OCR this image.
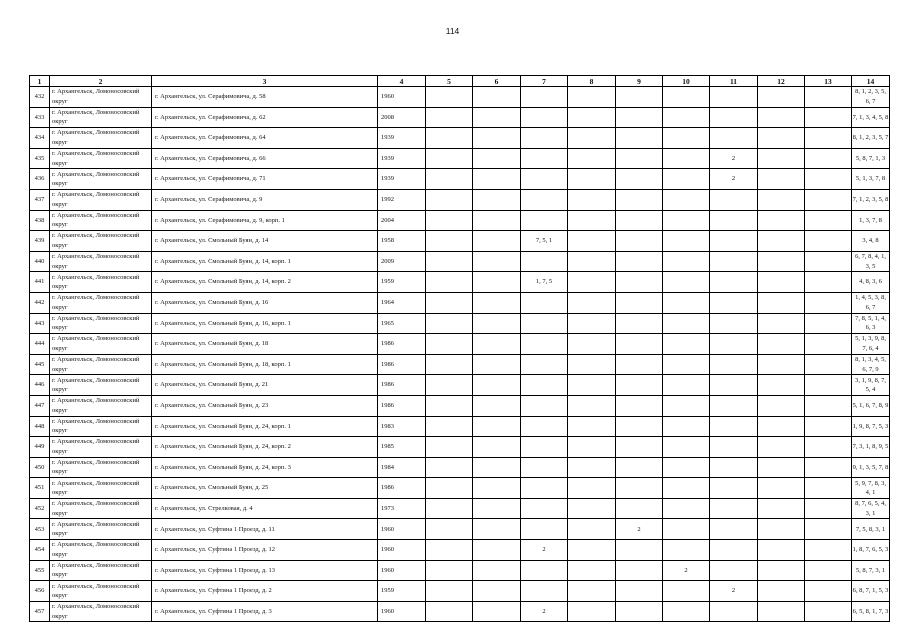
114
1	2	3	4	5	6	7	8	9	10	11	12	13	14
432	г. Архангельск, Ломоносовский округ	г. Архангельск, ул. Серафимовича, д. 58	1960										8, 1, 2, 3, 5, 6, 7
433	г. Архангельск, Ломоносовский округ	г. Архангельск, ул. Серафимовича, д. 62	2008										7, 1, 3, 4, 5, 8
434	г. Архангельск, Ломоносовский округ	г. Архангельск, ул. Серафимовича, д. 64	1939										8, 1, 2, 3, 5, 7
435	г. Архангельск, Ломоносовский округ	г. Архангельск, ул. Серафимовича, д. 66	1939							2			5, 8, 7, 1, 3
436	г. Архангельск, Ломоносовский округ	г. Архангельск, ул. Серафимовича, д. 71	1939							2			5, 1, 3, 7, 8
437	г. Архангельск, Ломоносовский округ	г. Архангельск, ул. Серафимовича, д. 9	1992										7, 1, 2, 3, 5, 8
438	г. Архангельск, Ломоносовский округ	г. Архангельск, ул. Серафимовича, д. 9, корп. 1	2004										1, 3, 7, 8
439	г. Архангельск, Ломоносовский округ	г. Архангельск, ул. Смольный Буян, д. 14	1958			7, 5, 1							3, 4, 8
440	г. Архангельск, Ломоносовский округ	г. Архангельск, ул. Смольный Буян, д. 14, корп. 1	2009										6, 7, 8, 4, 1, 3, 5
441	г. Архангельск, Ломоносовский округ	г. Архангельск, ул. Смольный Буян, д. 14, корп. 2	1959			1, 7, 5							4, 8, 3, 6
442	г. Архангельск, Ломоносовский округ	г. Архангельск, ул. Смольный Буян, д. 16	1964										1, 4, 5, 3, 8, 6, 7
443	г. Архангельск, Ломоносовский округ	г. Архангельск, ул. Смольный Буян, д. 16, корп. 1	1965										7, 8, 5, 1, 4, 6, 3
444	г. Архангельск, Ломоносовский округ	г. Архангельск, ул. Смольный Буян, д. 18	1986										5, 1, 3, 9, 8, 7, 6, 4
445	г. Архангельск, Ломоносовский округ	г. Архангельск, ул. Смольный Буян, д. 18, корп. 1	1986										8, 1, 3, 4, 5, 6, 7, 9
446	г. Архангельск, Ломоносовский округ	г. Архангельск, ул. Смольный Буян, д. 21	1986										3, 1, 9, 8, 7, 5, 4
447	г. Архангельск, Ломоносовский округ	г. Архангельск, ул. Смольный Буян, д. 23	1986										5, 1, 6, 7, 8, 9
448	г. Архангельск, Ломоносовский округ	г. Архангельск, ул. Смольный Буян, д. 24, корп. 1	1983										1, 9, 8, 7, 5, 3
449	г. Архангельск, Ломоносовский округ	г. Архангельск, ул. Смольный Буян, д. 24, корп. 2	1985										7, 3, 1, 8, 9, 5
450	г. Архангельск, Ломоносовский округ	г. Архангельск, ул. Смольный Буян, д. 24, корп. 3	1984										9, 1, 3, 5, 7, 8
451	г. Архангельск, Ломоносовский округ	г. Архангельск, ул. Смольный Буян, д. 25	1986										5, 9, 7, 8, 3, 4, 1
452	г. Архангельск, Ломоносовский округ	г. Архангельск, ул. Стрелковая, д. 4	1973										8, 7, 6, 5, 4, 3, 1
453	г. Архангельск, Ломоносовский округ	г. Архангельск, ул. Суфтина 1 Проезд, д. 11	1960					2					7, 5, 8, 3, 1
454	г. Архангельск, Ломоносовский округ	г. Архангельск, ул. Суфтина 1 Проезд, д. 12	1960			2							1, 8, 7, 6, 5, 3
455	г. Архангельск, Ломоносовский округ	г. Архангельск, ул. Суфтина 1 Проезд, д. 13	1960						2				5, 8, 7, 3, 1
456	г. Архангельск, Ломоносовский округ	г. Архангельск, ул. Суфтина 1 Проезд, д. 2	1959							2			6, 8, 7, 1, 5, 3
457	г. Архангельск, Ломоносовский округ	г. Архангельск, ул. Суфтина 1 Проезд, д. 3	1960			2							6, 5, 8, 1, 7, 3
